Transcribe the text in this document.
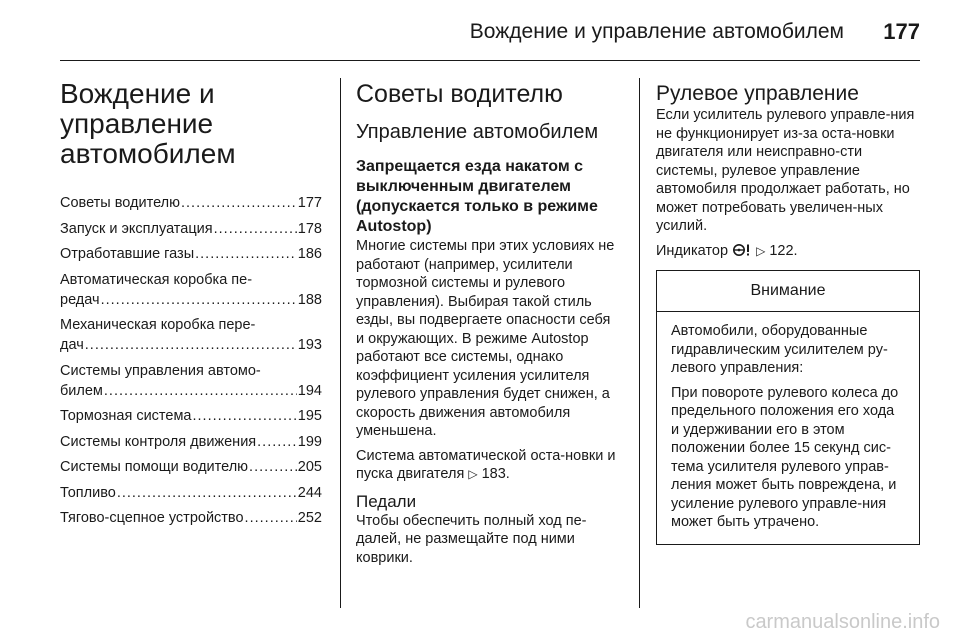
Вождение и управление автомобилем 177
Вождение и управление автомобилем
Советы водителю .....	177
Запуск и эксплуатация .....	178
Отработавшие газы .....	186
Автоматическая коробка пе-
редач .....	188
Механическая коробка пере-
дач .....	193
Системы управления автомо-
билем .....	194
Тормозная система .....	195
Системы контроля движения .....	199
Системы помощи водителю .....	205
Топливо .....	244
Тягово-сцепное устройство .....	252
Советы водителю
Управление автомобилем
Запрещается езда накатом с выключенным двигателем (допускается только в режиме Autostop)

Многие системы при этих условиях не работают (например, усилители тормозной системы и рулевого управления). Выбирая такой стиль езды, вы подвергаете опасности себя и окружающих. В режиме Autostop работают все системы, однако коэффициент усиления усилителя рулевого управления будет снижен, а скорость движения автомобиля уменьшена.

Система автоматической оста-новки и пуска двигателя ▷ 183.

Педали

Чтобы обеспечить полный ход пе-далей, не размещайте под ними коврики.

Рулевое управление

Если усилитель рулевого управле-ния не функционирует из-за оста-новки двигателя или неисправно-сти системы, рулевое управление автомобиля продолжает работать, но может потребовать увеличен-ных усилий.

Индикатор ▷ 122.

Внимание

Автомобили, оборудованные гидравлическим усилителем ру-левого управления:

При повороте рулевого колеса до предельного положения его хода и удерживании его в этом положении более 15 секунд сис-тема усилителя рулевого управ-ления может быть повреждена, и усиление рулевого управле-ния может быть утрачено.

carmanualsonline.info
